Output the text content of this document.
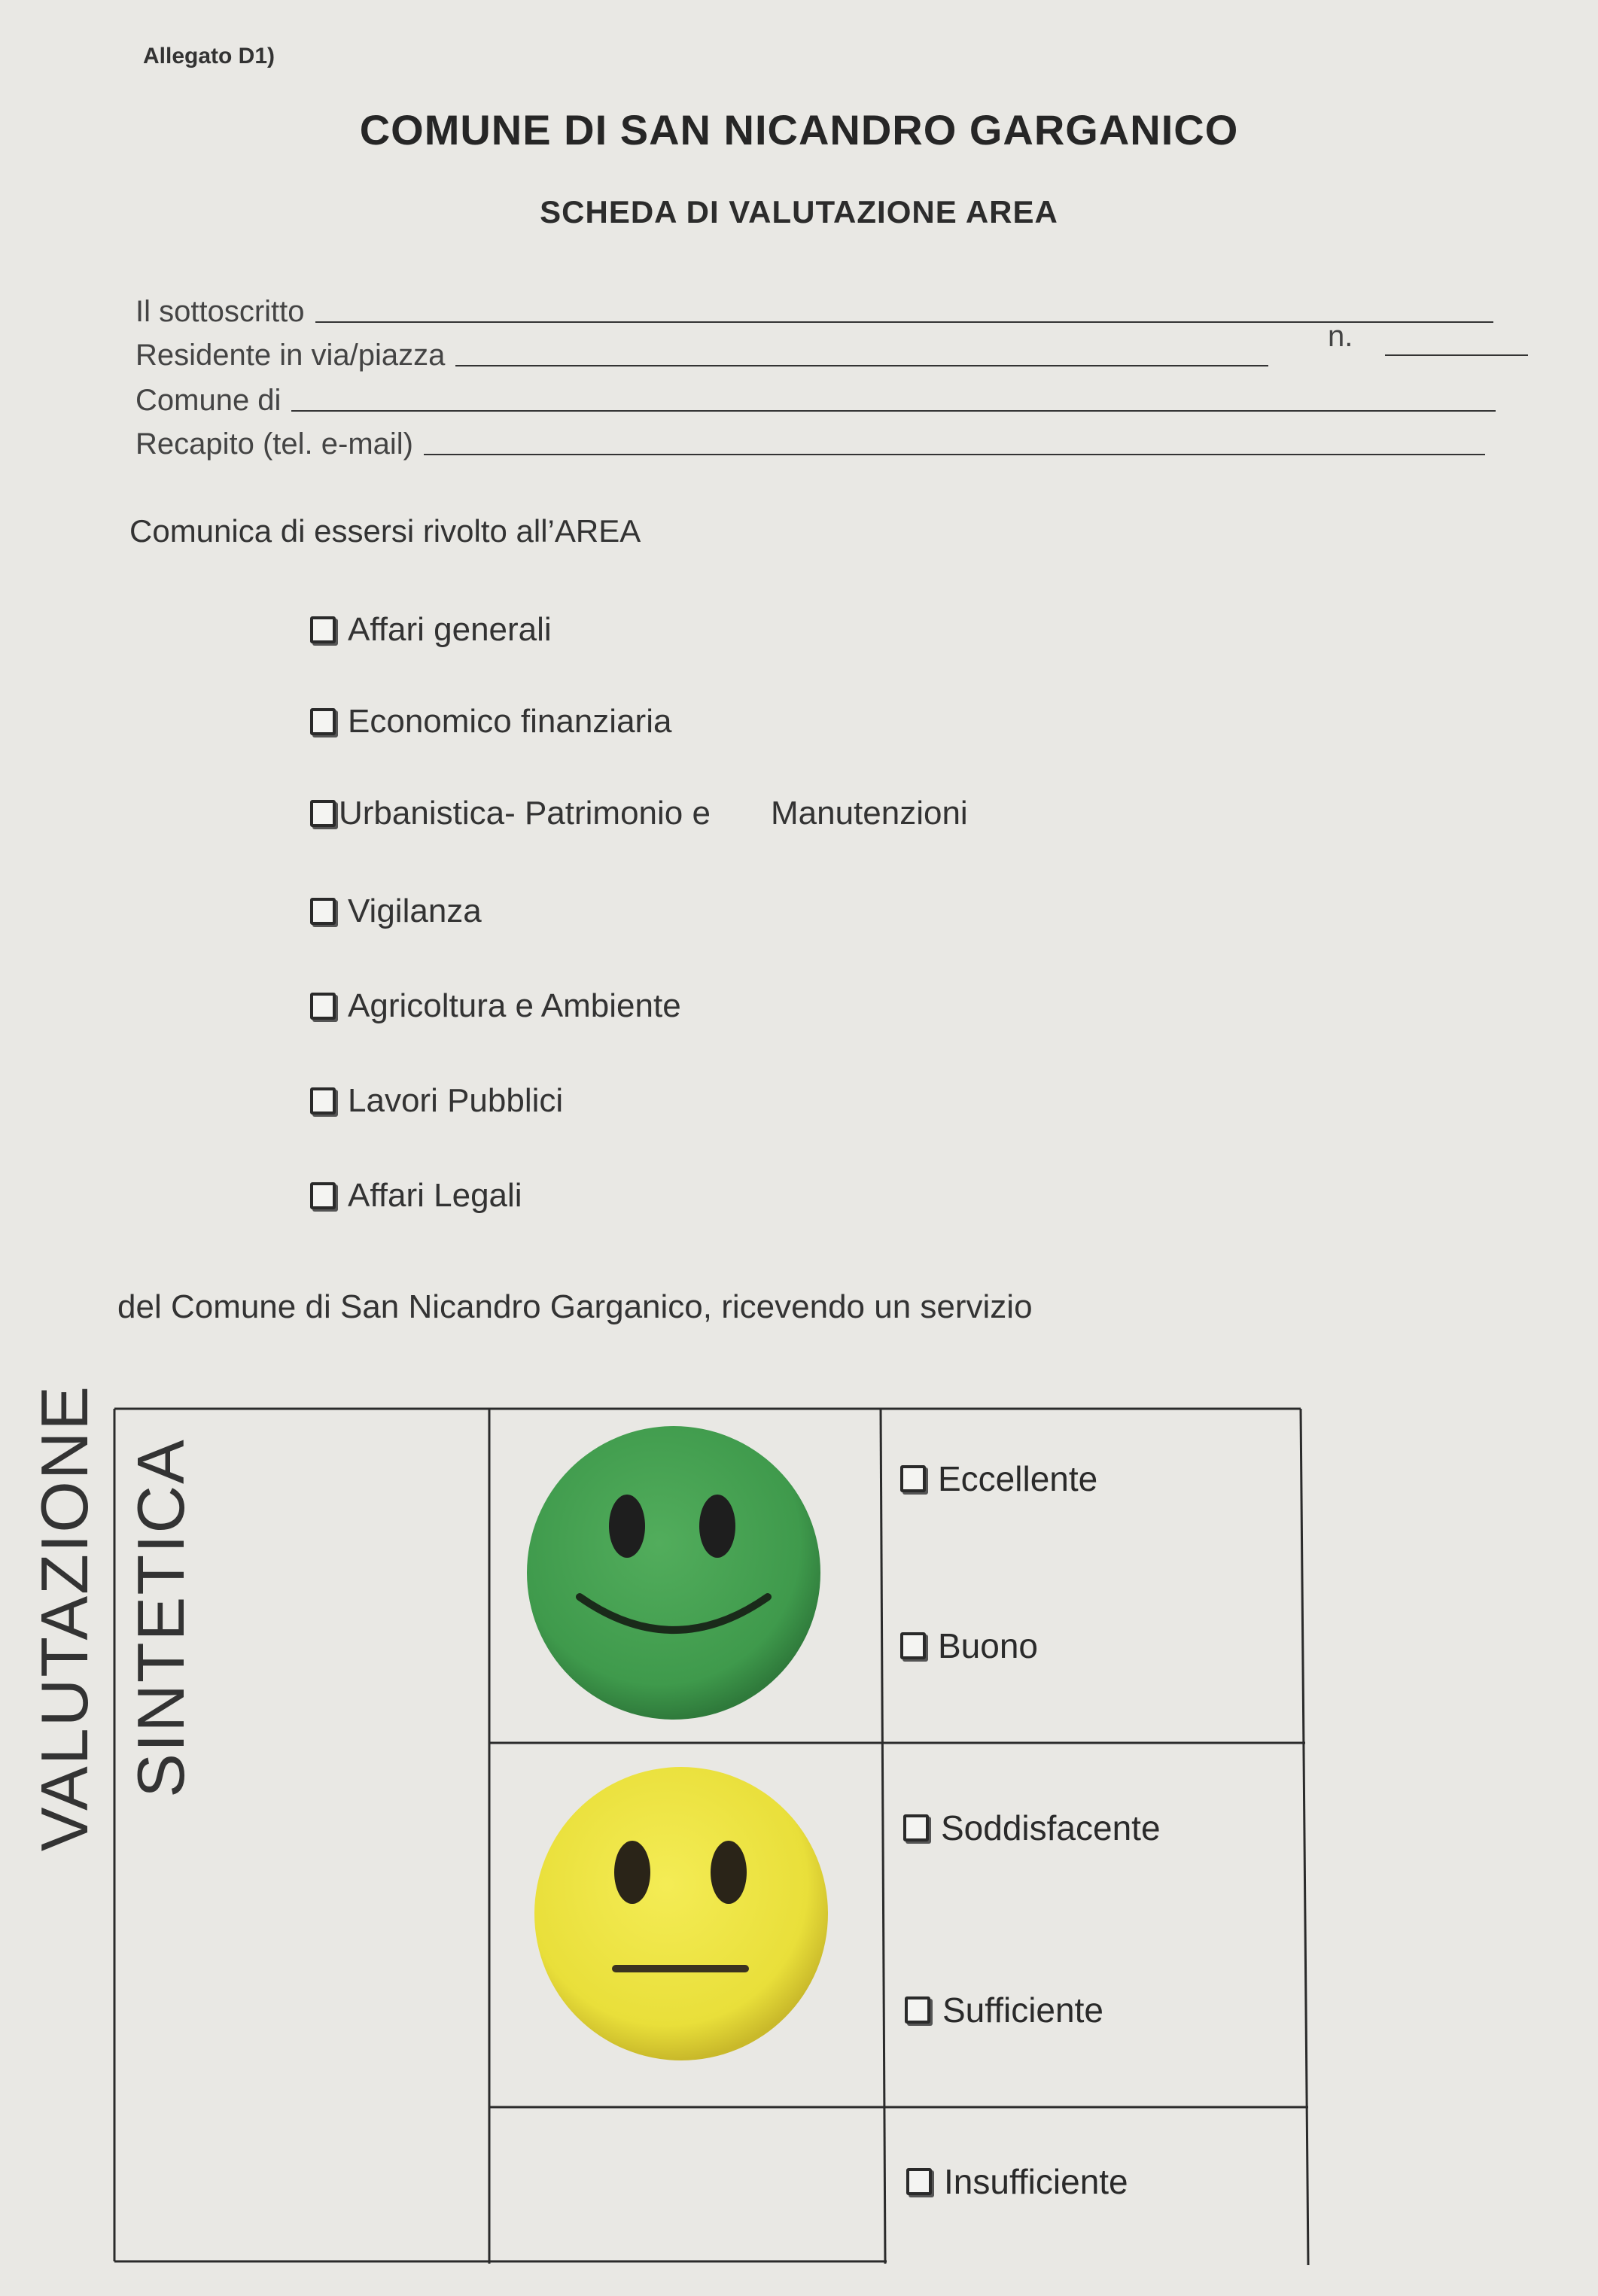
Allegato D1)
COMUNE DI SAN NICANDRO GARGANICO
SCHEDA DI VALUTAZIONE AREA
Il sottoscritto
Residente in via/piazza
n.
Comune di
Recapito (tel. e-mail)
Comunica di essersi rivolto all’AREA
Affari generali
Economico finanziaria
Urbanistica- Patrimonio e Manutenzioni
Vigilanza
Agricoltura e Ambiente
Lavori Pubblici
Affari Legali
del Comune di San Nicandro Garganico, ricevendo un servizio
VALUTAZIONE SINTETICA	Eccellente
Buono
Soddisfacente
Sufficiente
Insufficiente
